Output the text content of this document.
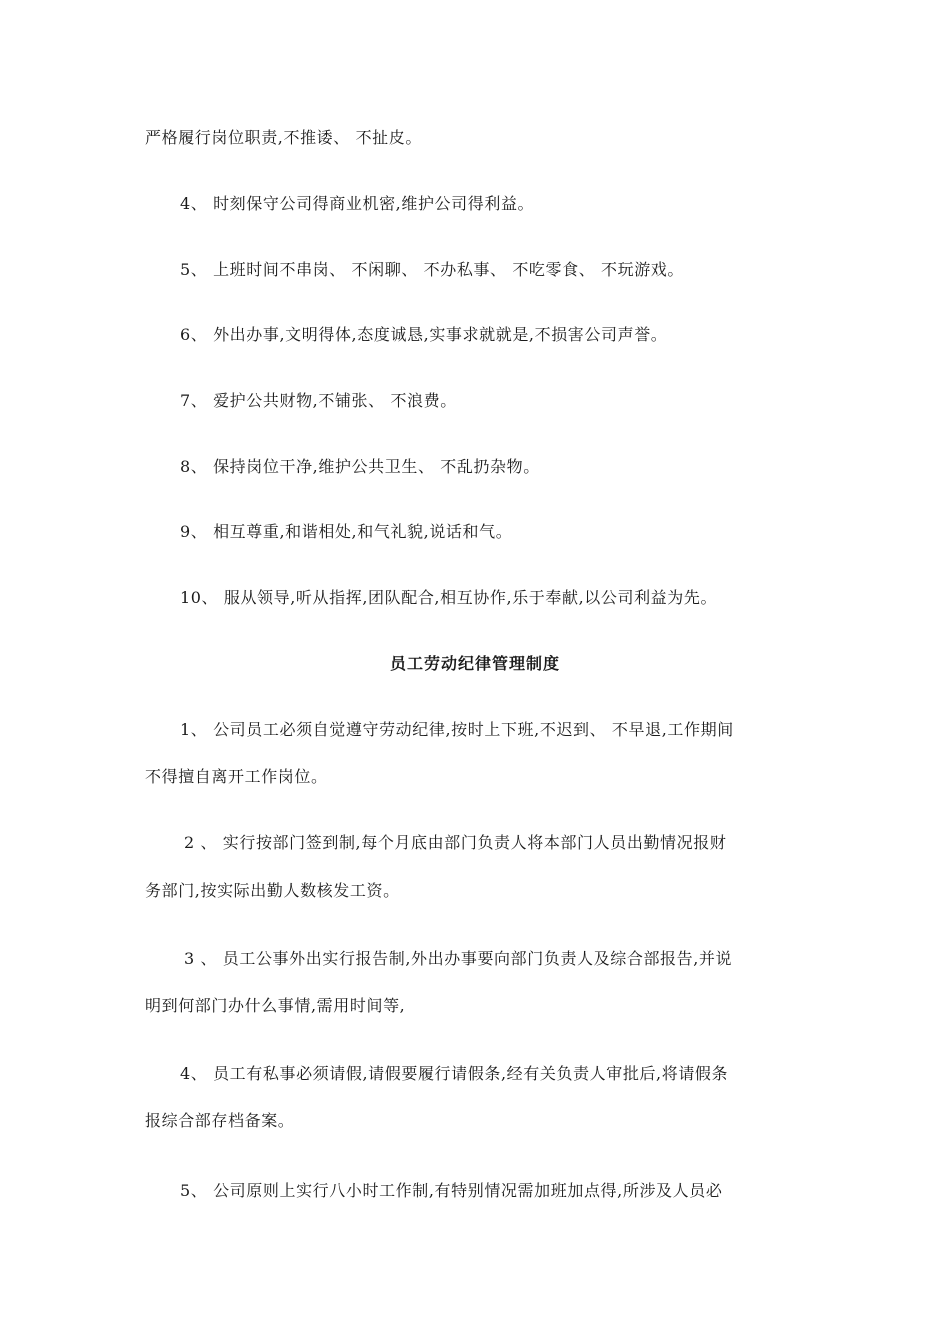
严格履行岗位职责,不推诿、 不扯皮。
4、 时刻保守公司得商业机密,维护公司得利益。
5、 上班时间不串岗、 不闲聊、 不办私事、 不吃零食、 不玩游戏。
6、 外出办事,文明得体,态度诚恳,实事求就就是,不损害公司声誉。
7、 爱护公共财物,不铺张、 不浪费。
8、 保持岗位干净,维护公共卫生、 不乱扔杂物。
9、 相互尊重,和谐相处,和气礼貌,说话和气。
10、 服从领导,听从指挥,团队配合,相互协作,乐于奉献,以公司利益为先。
员工劳动纪律管理制度
1、 公司员工必须自觉遵守劳动纪律,按时上下班,不迟到、 不早退,工作期间
不得擅自离开工作岗位。
2 、 实行按部门签到制,每个月底由部门负责人将本部门人员出勤情况报财
务部门,按实际出勤人数核发工资。
3 、 员工公事外出实行报告制,外出办事要向部门负责人及综合部报告,并说
明到何部门办什么事情,需用时间等,
4、 员工有私事必须请假,请假要履行请假条,经有关负责人审批后,将请假条
报综合部存档备案。
5、 公司原则上实行八小时工作制,有特别情况需加班加点得,所涉及人员必
